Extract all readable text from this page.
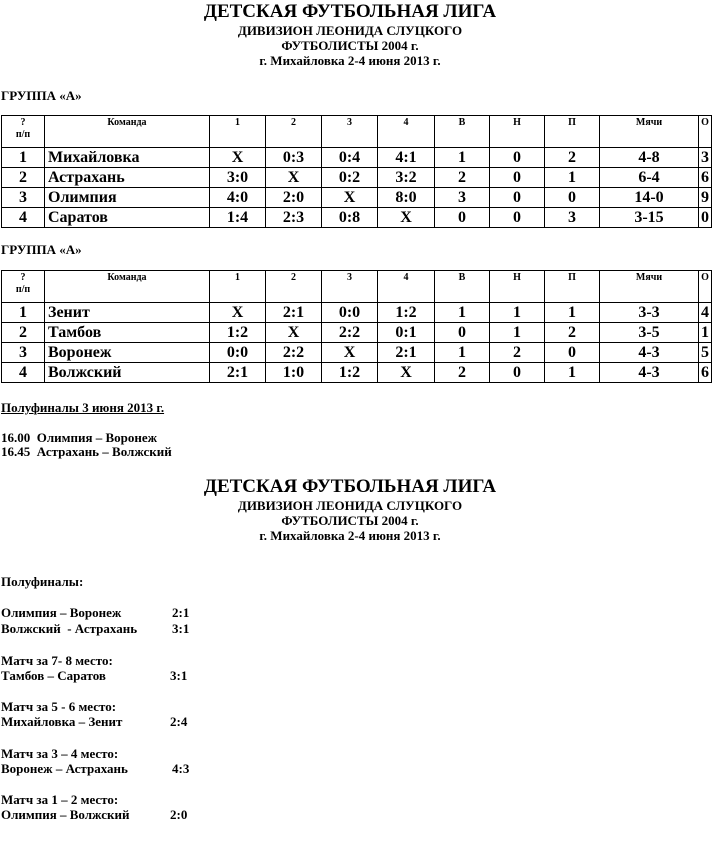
ДЕТСКАЯ ФУТБОЛЬНАЯ ЛИГА
ДИВИЗИОН ЛЕОНИДА СЛУЦКОГО
ФУТБОЛИСТЫ 2004 г.
г. Михайловка 2-4 июня 2013 г.
ГРУППА «А»
?
п/п	Команда	1	2	3	4	В	Н	П	Мячи	О
1	Михайловка	Х	0:3	0:4	4:1	1	0	2	4-8	3
2	Астрахань	3:0	Х	0:2	3:2	2	0	1	6-4	6
3	Олимпия	4:0	2:0	Х	8:0	3	0	0	14-0	9
4	Саратов	1:4	2:3	0:8	Х	0	0	3	3-15	0
ГРУППА «А»
?
п/п	Команда	1	2	3	4	В	Н	П	Мячи	О
1	Зенит	Х	2:1	0:0	1:2	1	1	1	3-3	4
2	Тамбов	1:2	Х	2:2	0:1	0	1	2	3-5	1
3	Воронеж	0:0	2:2	Х	2:1	1	2	0	4-3	5
4	Волжский	2:1	1:0	1:2	Х	2	0	1	4-3	6
Полуфиналы 3 июня 2013 г.
16.00  Олимпия – Воронеж
16.45  Астрахань – Волжский
ДЕТСКАЯ ФУТБОЛЬНАЯ ЛИГА
ДИВИЗИОН ЛЕОНИДА СЛУЦКОГО
ФУТБОЛИСТЫ 2004 г.
г. Михайловка 2-4 июня 2013 г.
Полуфиналы:
Олимпия – Воронеж	2:1
Волжский  - Астрахань	3:1
Матч за 7- 8 место:
Тамбов – Саратов	3:1
Матч за 5 - 6 место:
Михайловка – Зенит	2:4
Матч за 3 – 4 место:
Воронеж – Астрахань	4:3
Матч за 1 – 2 место:
Олимпия – Волжский	2:0
